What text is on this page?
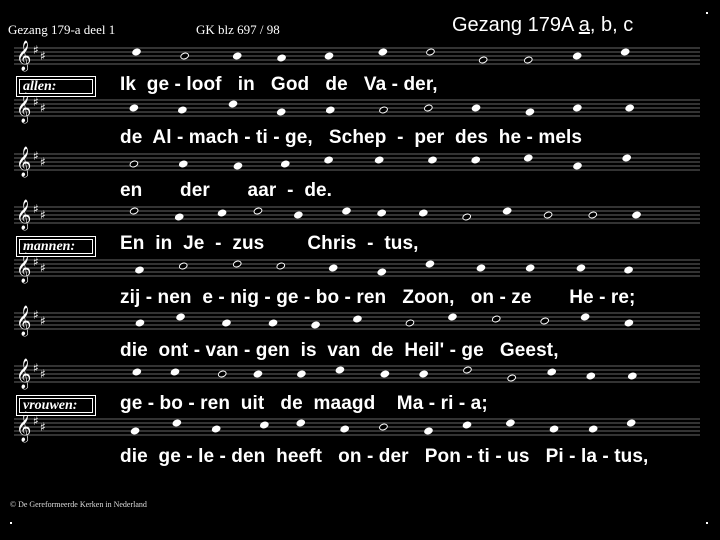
Gezang 179-a deel 1	GK blz 697 / 98	Gezang 179A a, b, c
𝄞 ♯ ♯
𝄞 ♯ ♯
𝄞 ♯ ♯
𝄞 ♯ ♯
𝄞 ♯ ♯
𝄞 ♯ ♯
𝄞 ♯ ♯
𝄞 ♯ ♯
allen:
mannen:
vrouwen:
Ik  ge - loof   in   God   de   Va - der,
de  Al - mach - ti - ge,   Schep  -  per  des  he - mels
en       der       aar  -  de.
En  in  Je  -  zus        Chris  -  tus,
zij - nen  e - nig - ge - bo - ren   Zoon,   on - ze       He - re;
die  ont - van - gen  is  van  de  Heil' - ge   Geest,
ge - bo - ren  uit   de  maagd    Ma - ri - a;
die  ge - le - den  heeft   on - der   Pon - ti - us   Pi - la - tus,
© De Gereformeerde Kerken in Nederland
